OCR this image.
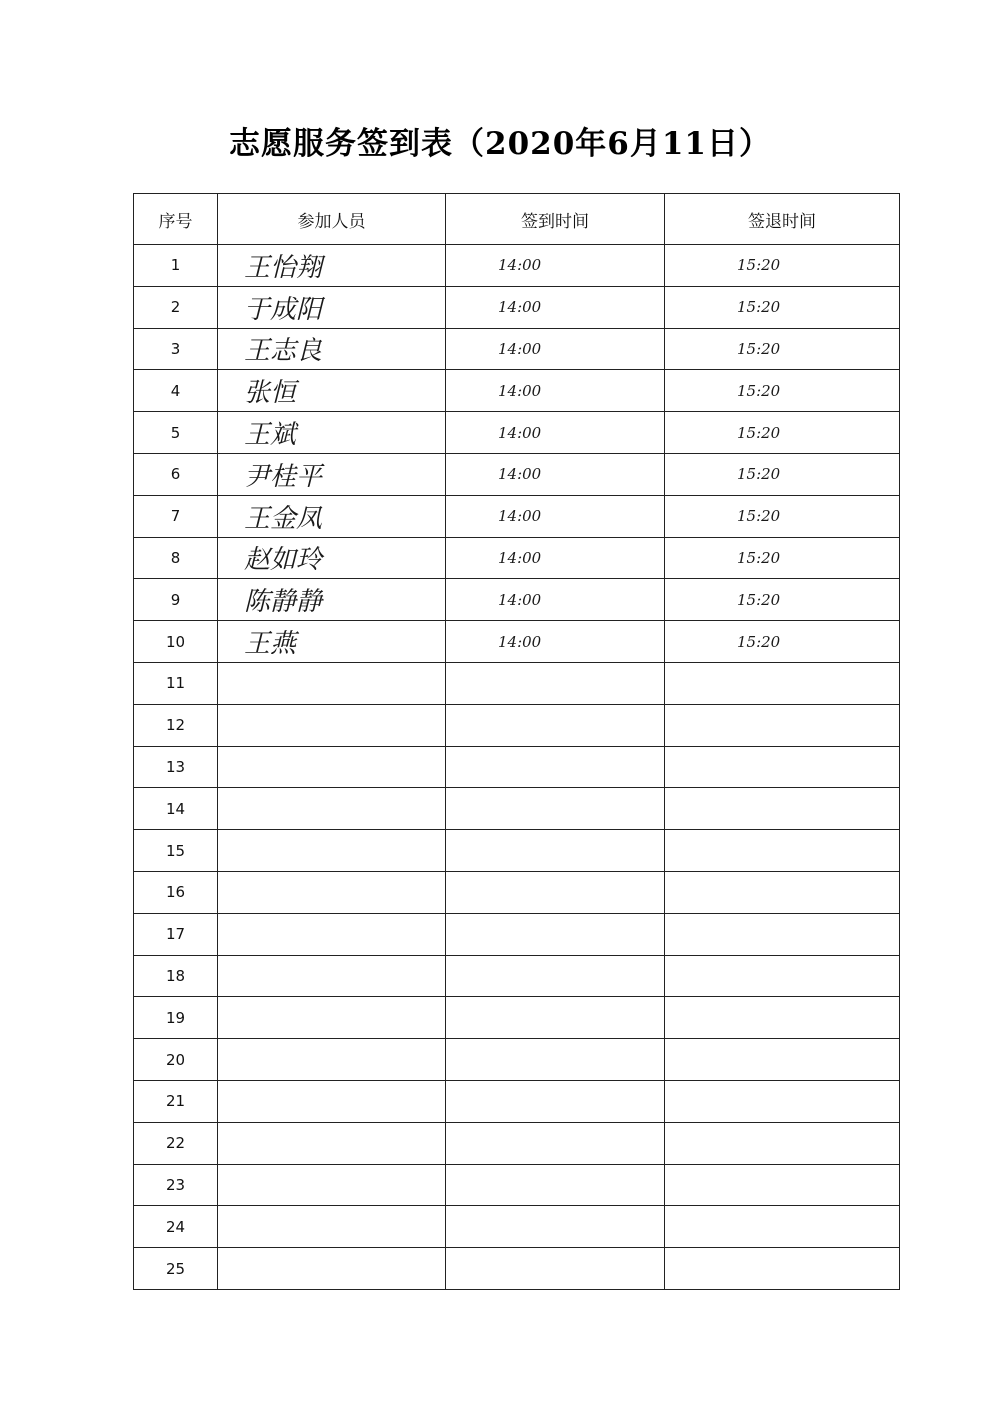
志愿服务签到表（2020年6月11日）
序号	参加人员	签到时间	签退时间
1	王怡翔	14:00	15:20
2	于成阳	14:00	15:20
3	王志良	14:00	15:20
4	张恒	14:00	15:20
5	王斌	14:00	15:20
6	尹桂平	14:00	15:20
7	王金凤	14:00	15:20
8	赵如玲	14:00	15:20
9	陈静静	14:00	15:20
10	王燕	14:00	15:20
11			
12			
13			
14			
15			
16			
17			
18			
19			
20			
21			
22			
23			
24			
25			
